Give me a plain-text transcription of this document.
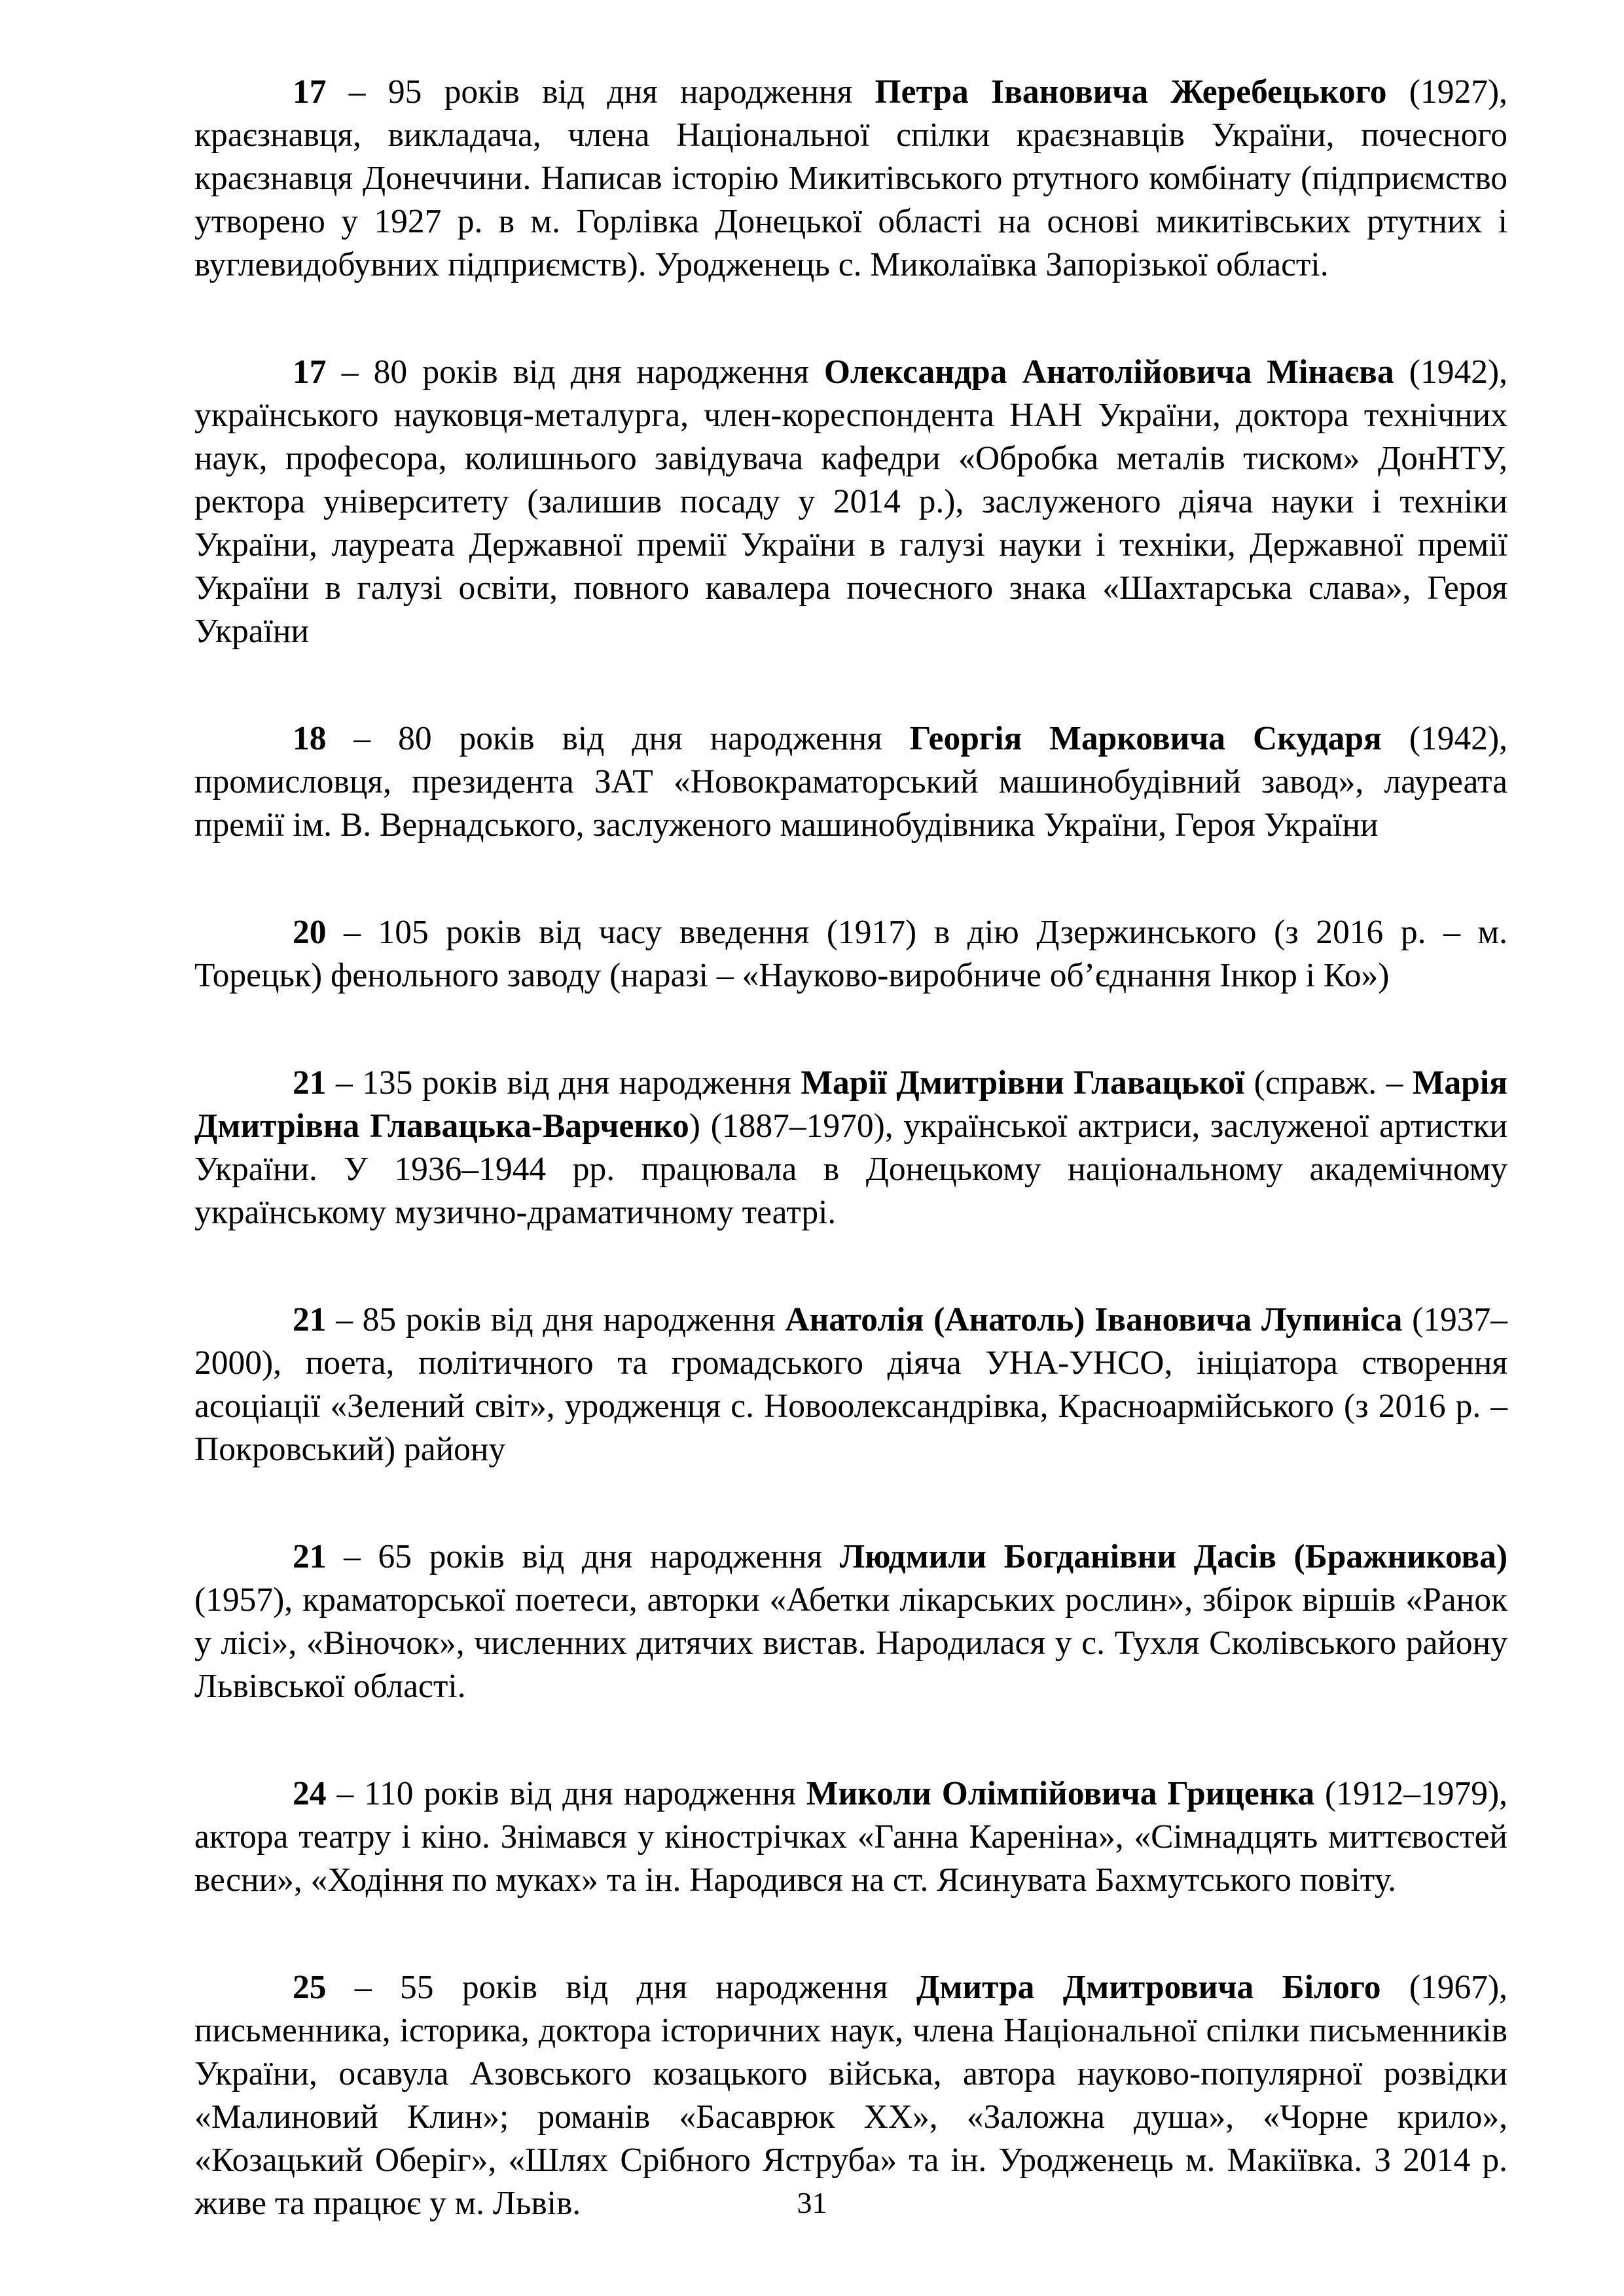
17 – 95 років від дня народження Петра Івановича Жеребецького (1927), краєзнавця, викладача, члена Національної спілки краєзнавців України, почесного краєзнавця Донеччини. Написав історію Микитівського ртутного комбінату (підприємство утворено у 1927 р. в м. Горлівка Донецької області на основі микитівських ртутних і вуглевидобувних підприємств). Уродженець с. Миколаївка Запорізької області.

17 – 80 років від дня народження Олександра Анатолійовича Мінаєва (1942), українського науковця-металурга, член-кореспондента НАН України, доктора технічних наук, професора, колишнього завідувача кафедри «Обробка металів тиском» ДонНТУ, ректора університету (залишив посаду у 2014 р.), заслуженого діяча науки і техніки України, лауреата Державної премії України в галузі науки і техніки, Державної премії України в галузі освіти, повного кавалера почесного знака «Шахтарська слава», Героя України

18 – 80 років від дня народження Георгія Марковича Скударя (1942), промисловця, президента ЗАТ «Новокраматорський машинобудівний завод», лауреата премії ім. В. Вернадського, заслуженого машинобудівника України, Героя України

20 – 105 років від часу введення (1917) в дію Дзержинського (з 2016 р. – м. Торецьк) фенольного заводу (наразі – «Науково-виробниче об’єднання Інкор і Ко»)

21 – 135 років від дня народження Марії Дмитрівни Главацької (справж. – Марія Дмитрівна Главацька-Варченко) (1887–1970), української актриси, заслуженої артистки України. У 1936–1944 рр. працювала в Донецькому національному академічному українському музично-драматичному театрі.

21 – 85 років від дня народження Анатолія (Анатоль) Івановича Лупиніса (1937–2000), поета, політичного та громадського діяча УНА-УНСО, ініціатора створення асоціації «Зелений світ», уродженця с. Новоолександрівка, Красноармійського (з 2016 р. – Покровський) району

21 – 65 років від дня народження Людмили Богданівни Дасів (Бражникова) (1957), краматорської поетеси, авторки «Абетки лікарських рослин», збірок віршів «Ранок у лісі», «Віночок», численних дитячих вистав. Народилася у с. Тухля Сколівського району Львівської області.

24 – 110 років від дня народження Миколи Олімпійовича Гриценка (1912–1979), актора театру і кіно. Знімався у кінострічках «Ганна Кареніна», «Сімнадцять миттєвостей весни», «Ходіння по муках» та ін. Народився на ст. Ясинувата Бахмутського повіту.

25 – 55 років від дня народження Дмитра Дмитровича Білого (1967), письменника, історика, доктора історичних наук, члена Національної спілки письменників України, осавула Азовського козацького війська, автора науково-популярної розвідки «Малиновий Клин»; романів «Басаврюк ХХ», «Заложна душа», «Чорне крило», «Козацький Оберіг», «Шлях Срібного Яструба» та ін. Уродженець м. Макіївка. З 2014 р. живе та працює у м. Львів.	31
